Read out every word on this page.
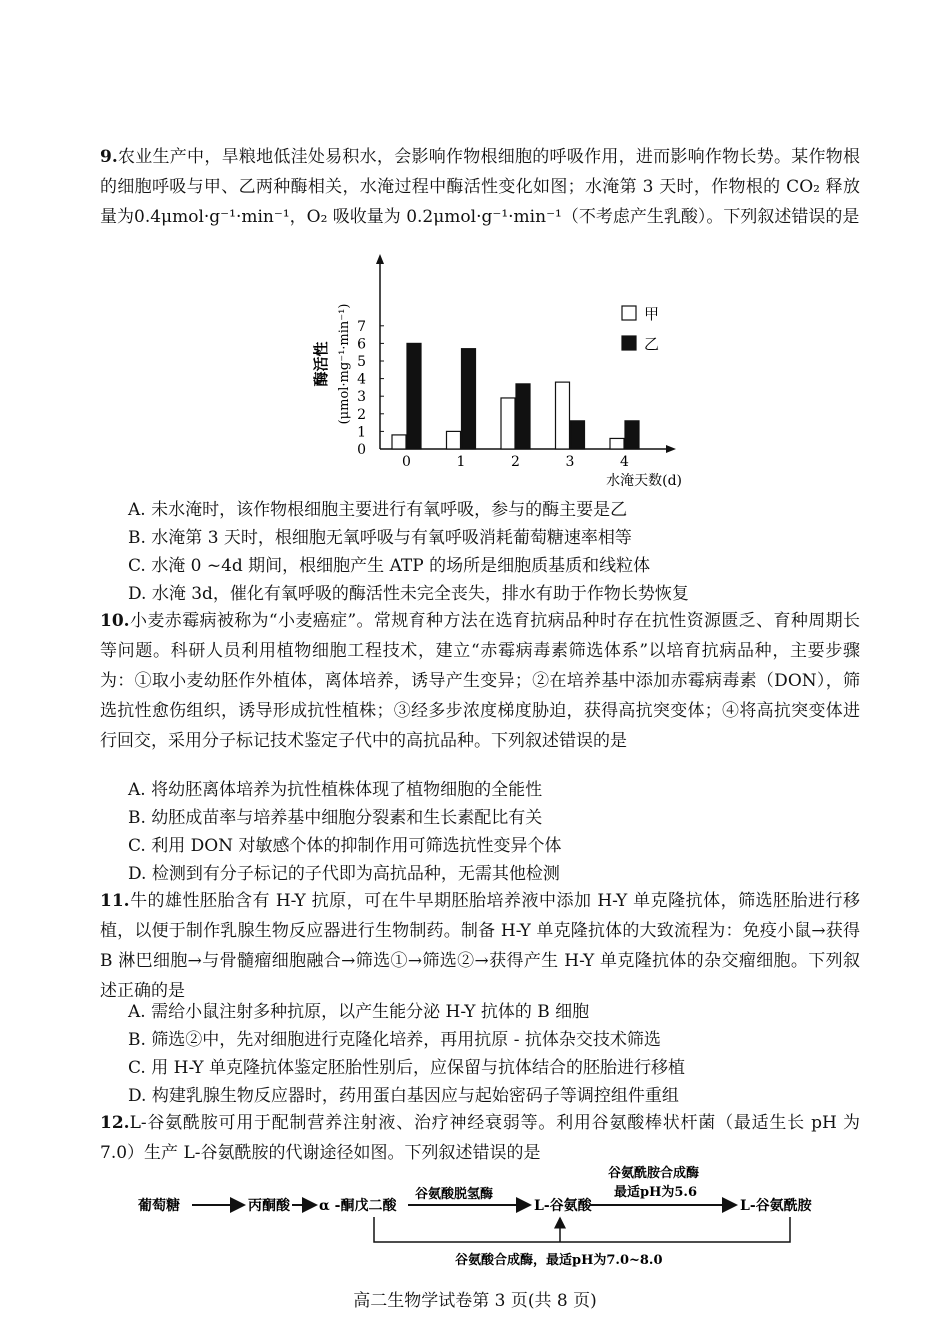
9.农业生产中，旱粮地低洼处易积水，会影响作物根细胞的呼吸作用，进而影响作物长势。某作物根的细胞呼吸与甲、乙两种酶相关，水淹过程中酶活性变化如图；水淹第 3 天时，作物根的 CO₂ 释放量为0.4μmol·g⁻¹·min⁻¹，O₂ 吸收量为 0.2μmol·g⁻¹·min⁻¹（不考虑产生乳酸）。下列叙述错误的是
0
1
2
3
4
5
6
7
0	1	2	3	4
水淹天数(d)
酶活性 (μmol·mg⁻¹·min⁻¹)	甲
乙
A. 未水淹时，该作物根细胞主要进行有氧呼吸，参与的酶主要是乙
B. 水淹第 3 天时，根细胞无氧呼吸与有氧呼吸消耗葡萄糖速率相等
C. 水淹 0 ~4d 期间，根细胞产生 ATP 的场所是细胞质基质和线粒体
D. 水淹 3d，催化有氧呼吸的酶活性未完全丧失，排水有助于作物长势恢复
10.小麦赤霉病被称为“小麦癌症”。常规育种方法在选育抗病品种时存在抗性资源匮乏、育种周期长等问题。科研人员利用植物细胞工程技术，建立“赤霉病毒素筛选体系”以培育抗病品种，主要步骤为：①取小麦幼胚作外植体，离体培养，诱导产生变异；②在培养基中添加赤霉病毒素（DON），筛选抗性愈伤组织，诱导形成抗性植株；③经多步浓度梯度胁迫，获得高抗突变体；④将高抗突变体进行回交，采用分子标记技术鉴定子代中的高抗品种。下列叙述错误的是
A. 将幼胚离体培养为抗性植株体现了植物细胞的全能性
B. 幼胚成苗率与培养基中细胞分裂素和生长素配比有关
C. 利用 DON 对敏感个体的抑制作用可筛选抗性变异个体
D. 检测到有分子标记的子代即为高抗品种，无需其他检测
11.牛的雄性胚胎含有 H-Y 抗原，可在牛早期胚胎培养液中添加 H-Y 单克隆抗体，筛选胚胎进行移植，以便于制作乳腺生物反应器进行生物制药。制备 H-Y 单克隆抗体的大致流程为：免疫小鼠→获得 B 淋巴细胞→与骨髓瘤细胞融合→筛选①→筛选②→获得产生 H-Y 单克隆抗体的杂交瘤细胞。下列叙述正确的是
A. 需给小鼠注射多种抗原，以产生能分泌 H-Y 抗体的 B 细胞
B. 筛选②中，先对细胞进行克隆化培养，再用抗原 - 抗体杂交技术筛选
C. 用 H-Y 单克隆抗体鉴定胚胎性别后，应保留与抗体结合的胚胎进行移植
D. 构建乳腺生物反应器时，药用蛋白基因应与起始密码子等调控组件重组
12.L-谷氨酰胺可用于配制营养注射液、治疗神经衰弱等。利用谷氨酸棒状杆菌（最适生长 pH 为 7.0）生产 L-谷氨酰胺的代谢途径如图。下列叙述错误的是
葡萄糖	丙酮酸 α -酮戊二酸
谷氨酸脱氢酶
L-谷氨酸
谷氨酰胺合成酶
最适pH为5.6
L-谷氨酰胺
谷氨酸合成酶，最适pH为7.0~8.0
高二生物学试卷第 3 页(共 8 页)
